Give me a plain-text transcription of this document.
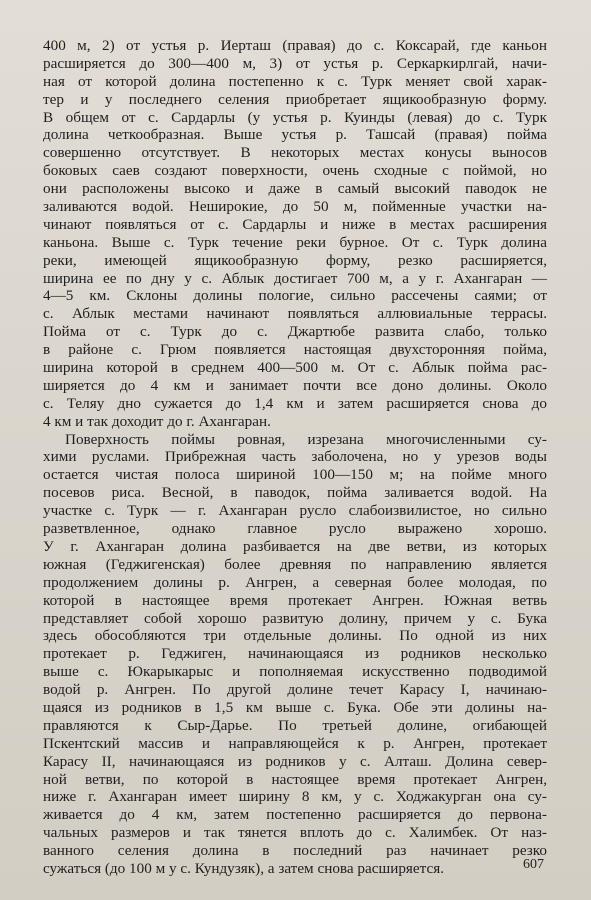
400 м, 2) от устья р. Иерташ (правая) до с. Коксарай, где каньон
расширяется до 300—400 м, 3) от устья р. Серкаркирлгай, начи-
ная от которой долина постепенно к с. Турк меняет свой харак-
тер и у последнего селения приобретает ящикообразную форму.
В общем от с. Сардарлы (у устья р. Куинды (левая) до с. Турк
долина четкообразная. Выше устья р. Ташсай (правая) пойма
совершенно отсутствует. В некоторых местах конусы выносов
боковых саев создают поверхности, очень сходные с поймой, но
они расположены высоко и даже в самый высокий паводок не
заливаются водой. Неширокие, до 50 м, пойменные участки на-
чинают появляться от с. Сардарлы и ниже в местах расширения
каньона. Выше с. Турк течение реки бурное. От с. Турк долина
реки, имеющей ящикообразную форму, резко расширяется,
ширина ее по дну у с. Аблык достигает 700 м, а у г. Ахангаран —
4—5 км. Склоны долины пологие, сильно рассечены саями; от
с. Аблык местами начинают появляться аллювиальные террасы.
Пойма от с. Турк до с. Джартюбе развита слабо, только
в районе с. Грюм появляется настоящая двухсторонняя пойма,
ширина которой в среднем 400—500 м. От с. Аблык пойма рас-
ширяется до 4 км и занимает почти все доно долины. Около
с. Теляу дно сужается до 1,4 км и затем расширяется снова до
4 км и так доходит до г. Ахангаран.
Поверхность поймы ровная, изрезана многочисленными су-
хими руслами. Прибрежная часть заболочена, но у урезов воды
остается чистая полоса шириной 100—150 м; на пойме много
посевов риса. Весной, в паводок, пойма заливается водой. На
участке с. Турк — г. Ахангаран русло слабоизвилистое, но сильно
разветвленное, однако главное русло выражено хорошо.
У г. Ахангаран долина разбивается на две ветви, из которых
южная (Геджигенская) более древняя по направлению является
продолжением долины р. Ангрен, а северная более молодая, по
которой в настоящее время протекает Ангрен. Южная ветвь
представляет собой хорошо развитую долину, причем у с. Бука
здесь обособляются три отдельные долины. По одной из них
протекает р. Геджиген, начинающаяся из родников несколько
выше с. Юкарыкарыс и пополняемая искусственно подводимой
водой р. Ангрен. По другой долине течет Карасу I, начинаю-
щаяся из родников в 1,5 км выше с. Бука. Обе эти долины на-
правляются к Сыр-Дарье. По третьей долине, огибающей
Пскентский массив и направляющейся к р. Ангрен, протекает
Карасу II, начинающаяся из родников у с. Алташ. Долина север-
ной ветви, по которой в настоящее время протекает Ангрен,
ниже г. Ахангаран имеет ширину 8 км, у с. Ходжакурган она су-
живается до 4 км, затем постепенно расширяется до первона-
чальных размеров и так тянется вплоть до с. Халимбек. От наз-
ванного селения долина в последний раз начинает резко
сужаться (до 100 м у с. Кундузяк), а затем снова расширяется.	607
